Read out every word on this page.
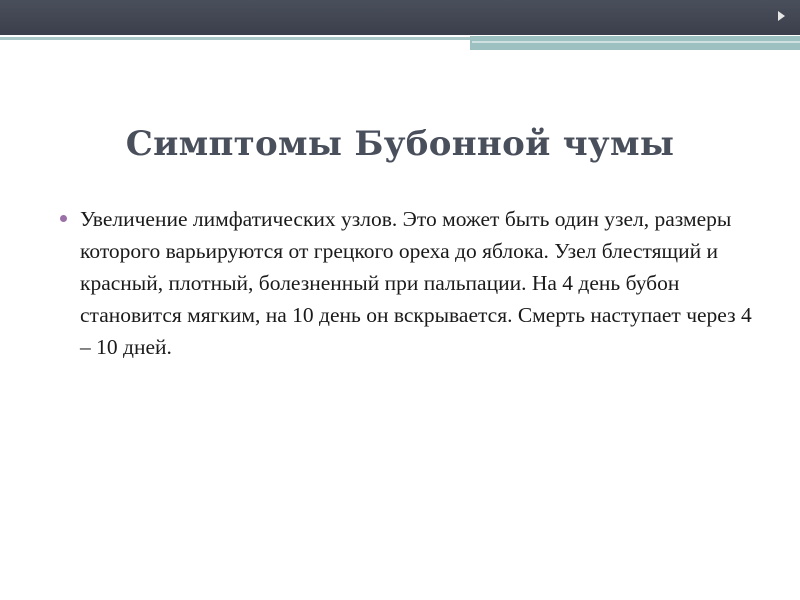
Симптомы Бубонной чумы
Увеличение лимфатических узлов. Это может быть один узел, размеры которого варьируются от грецкого ореха до яблока. Узел блестящий и красный, плотный, болезненный при пальпации. На 4 день бубон становится мягким, на 10 день он вскрывается. Смерть наступает через 4 – 10 дней.
